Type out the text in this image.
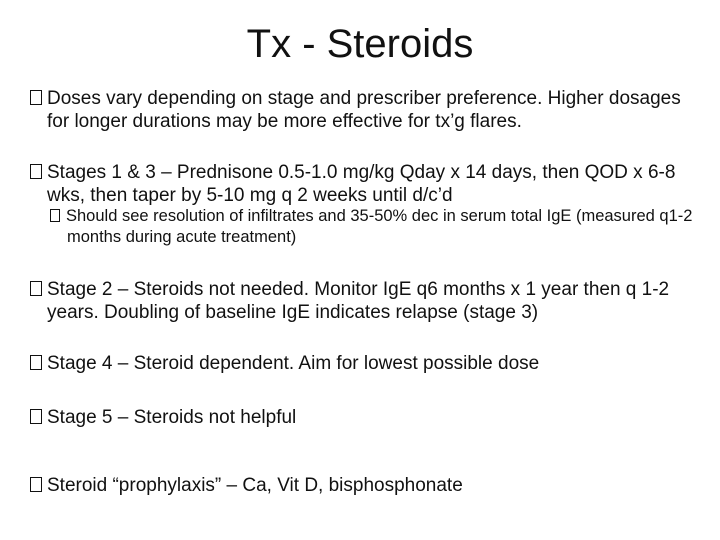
Tx - Steroids
Doses vary depending on stage and prescriber preference. Higher dosages for longer durations may be more effective for tx’g flares.
Stages 1 & 3 – Prednisone 0.5-1.0 mg/kg Qday x 14 days, then QOD x 6-8 wks, then taper by 5-10 mg q 2 weeks until d/c’d
Should see resolution of infiltrates and 35-50% dec in serum total IgE (measured q1-2 months during acute treatment)
Stage 2 – Steroids not needed. Monitor IgE q6 months x 1 year then q 1-2 years. Doubling of baseline IgE indicates relapse (stage 3)
Stage 4 – Steroid dependent. Aim for lowest possible dose
Stage 5 – Steroids not helpful
Steroid “prophylaxis” – Ca, Vit D, bisphosphonate
